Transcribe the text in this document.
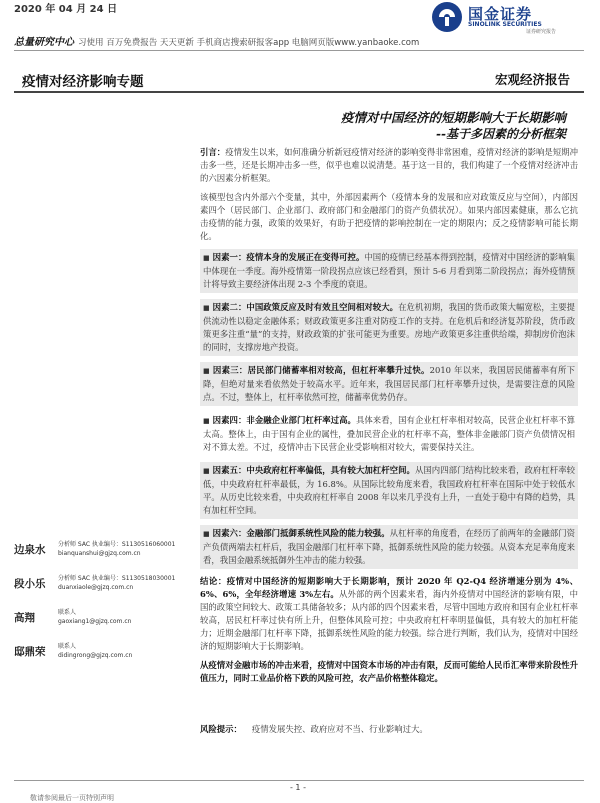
2020 年 04 月 24 日	国金证券
SINOLINK SECURITIES
证券研究报告
总量研究中心 习使用 百万免费报告 天天更新 手机商店搜索研报客app 电脑网页版www.yanbaoke.com
疫情对经济影响专题	宏观经济报告
疫情对中国经济的短期影响大于长期影响
--基于多因素的分析框架

引言：疫情发生以来，如何准确分析新冠疫情对经济的影响变得非常困难，疫情对经济的影响是短期冲击多一些，还是长期冲击多一些，似乎也难以说清楚。基于这一目的，我们构建了一个疫情对经济冲击的六因素分析框架。

该模型包含内外部六个变量，其中，外部因素两个（疫情本身的发展和应对政策反应与空间），内部因素四个（居民部门、企业部门、政府部门和金融部门的资产负债状况）。如果内部因素健康，那么它抗击疫情的能力强，政策的效果好，有助于把疫情的影响控制在一定的期限内；反之疫情影响可能长期化。

■ 因素一：疫情本身的发展正在变得可控。中国的疫情已经基本得到控制，疫情对中国经济的影响集中体现在一季度。海外疫情第一阶段拐点应该已经看到，预计 5-6 月看到第二阶段拐点；海外疫情预计将导致主要经济体出现 2-3 个季度的衰退。
■ 因素二：中国政策反应及时有效且空间相对较大。在危机初期，我国的货币政策大幅宽松，主要提供流动性以稳定金融体系；财政政策更多注重对防疫工作的支持。在危机后和经济复苏阶段，货币政策更多注重“量”的支持，财政政策的扩张可能更为重要。房地产政策更多注重供给端，抑制房价泡沫的同时，支撑房地产投资。
■ 因素三：居民部门储蓄率相对较高，但杠杆率攀升过快。2010 年以来，我国居民储蓄率有所下降，但绝对量来看依然处于较高水平。近年来，我国居民部门杠杆率攀升过快，是需要注意的风险点。不过，整体上，杠杆率依然可控，储蓄率优势仍存。
■ 因素四：非金融企业部门杠杆率过高。具体来看，国有企业杠杆率相对较高，民营企业杠杆率不算太高。整体上，由于国有企业的属性，叠加民营企业的杠杆率不高，整体非金融部门资产负债情况相对不算太差。不过，疫情冲击下民营企业受影响相对较大，需要保持关注。
■ 因素五：中央政府杠杆率偏低，具有较大加杠杆空间。从国内四部门结构比较来看，政府杠杆率较低，中央政府杠杆率最低，为 16.8%。从国际比较角度来看，我国政府杠杆率在国际中处于较低水平。从历史比较来看，中央政府杠杆率自 2008 年以来几乎没有上升，一直处于稳中有降的趋势，具有加杠杆空间。
■ 因素六：金融部门抵御系统性风险的能力较强。从杠杆率的角度看，在经历了前两年的金融部门资产负债两端去杠杆后，我国金融部门杠杆率下降，抵御系统性风险的能力较强。从资本充足率角度来看，我国金融系统抵御外生冲击的能力较强。

结论：疫情对中国经济的短期影响大于长期影响，预计 2020 年 Q2-Q4 经济增速分别为 4%、6%、6%，全年经济增速 3%左右。从外部的两个因素来看，海内外疫情对中国经济的影响有限，中国的政策空间较大、政策工具储备较多；从内部的四个因素来看，尽管中国地方政府和国有企业杠杆率较高，居民杠杆率过快有所上升，但整体风险可控；中央政府杠杆率明显偏低，具有较大的加杠杆能力；近期金融部门杠杆率下降，抵御系统性风险的能力较强。综合进行判断，我们认为，疫情对中国经济的短期影响大于长期影响。

从疫情对金融市场的冲击来看，疫情对中国资本市场的冲击有限，反而可能给人民币汇率带来阶段性升值压力，同时工业品价格下跌的风险可控，农产品价格整体稳定。

边泉水 分析师 SAC 执业编号：S1130516060001
bianquanshui@gjzq.com.cn
段小乐 分析师 SAC 执业编号：S1130518030001
duanxiaole@gjzq.com.cn
高翔	联系人
gaoxiang1@gjzq.com.cn
邸鼎荣 联系人
didingrong@gjzq.com.cn
风险提示： 疫情发展失控、政府应对不当、行业影响过大。
- 1 -
敬请参阅最后一页特别声明
